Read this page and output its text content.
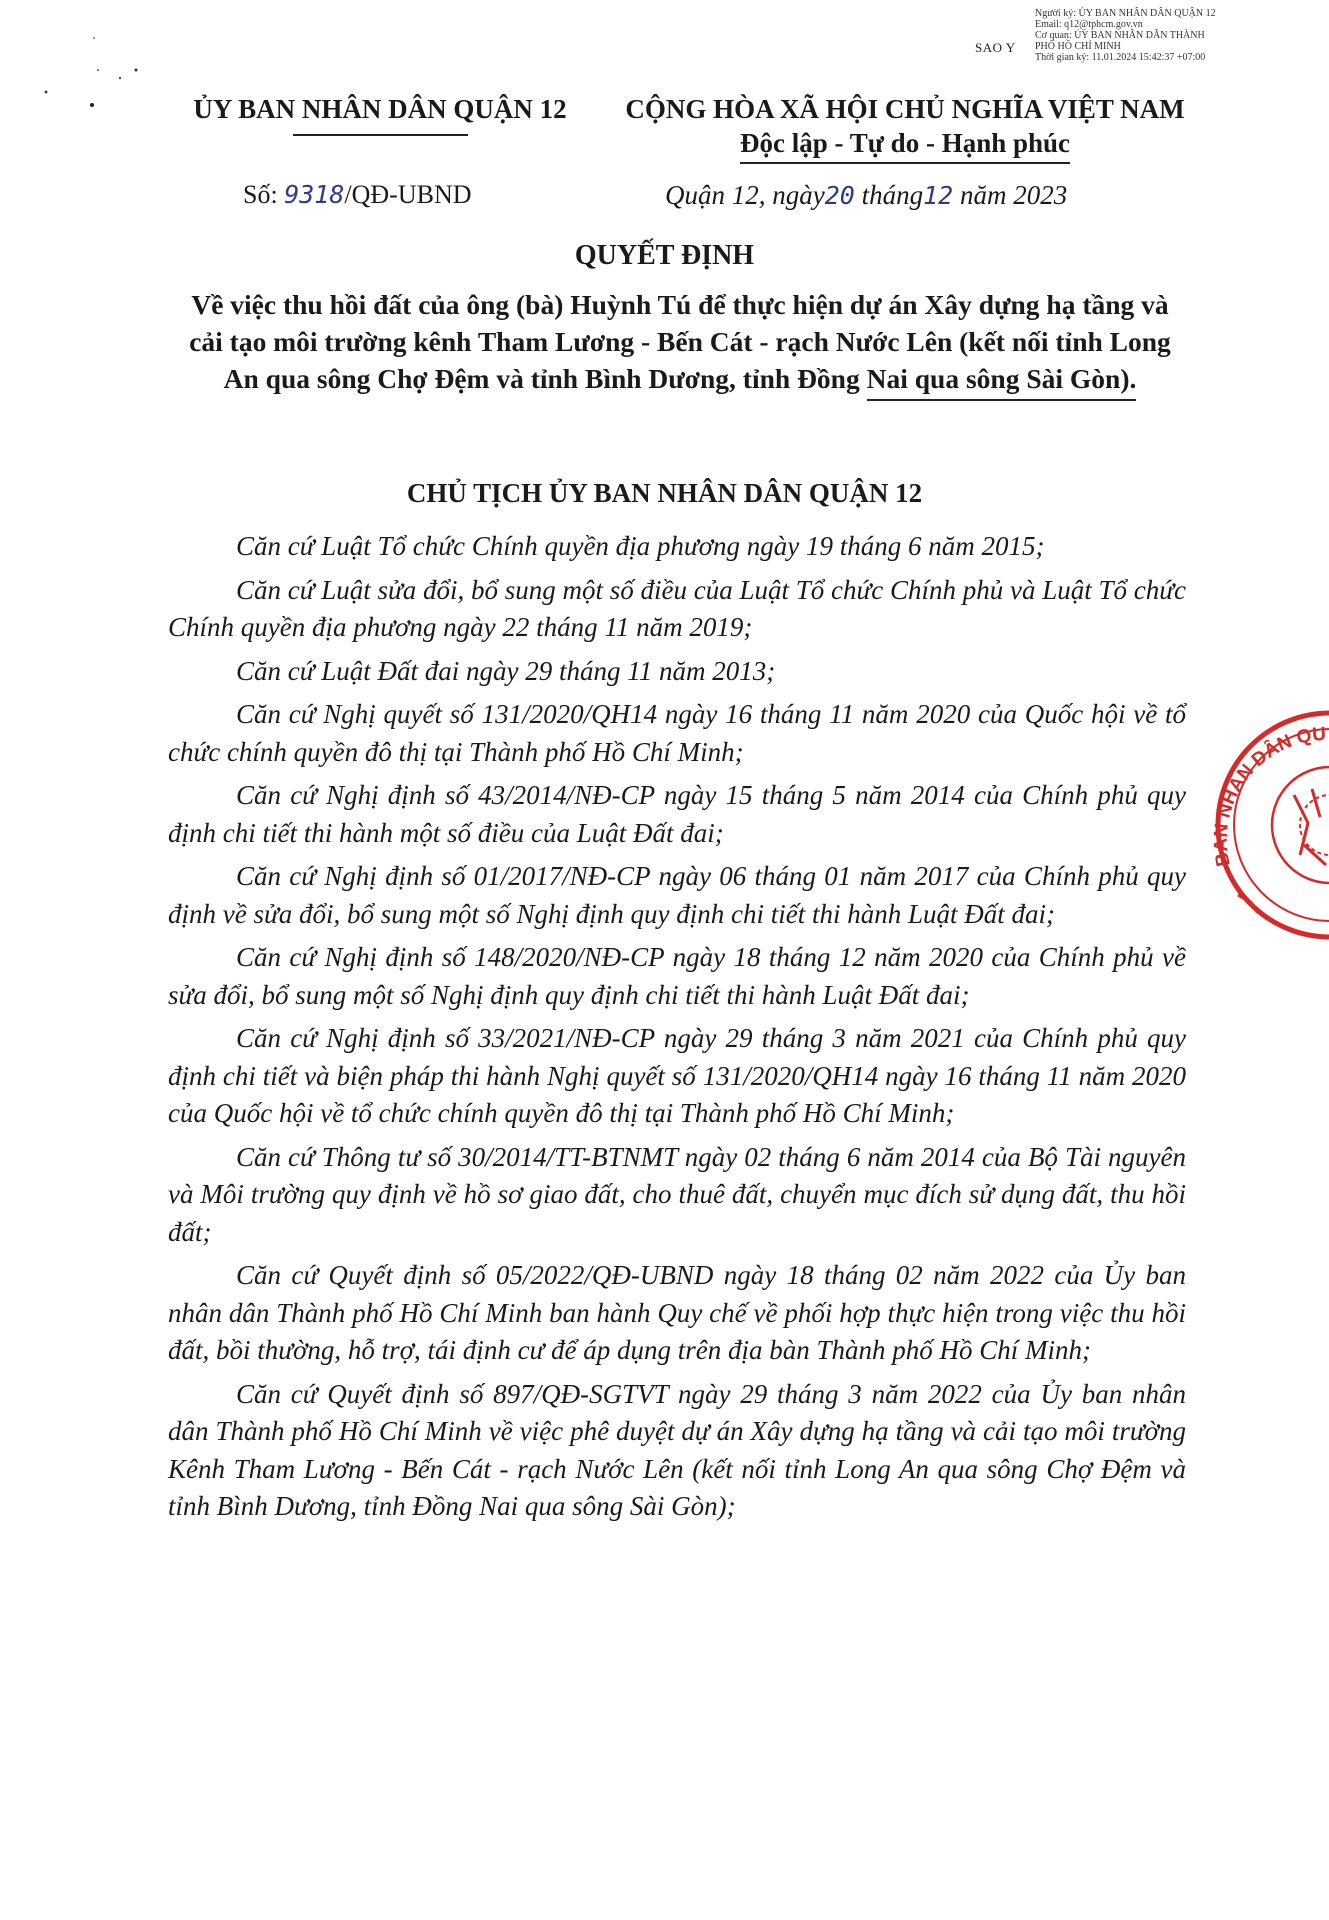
Người ký: ỦY BAN NHÂN DÂN QUẬN 12
Email: q12@tphcm.gov.vn
Cơ quan: ỦY BAN NHÂN DÂN THÀNH PHỐ HỒ CHÍ MINH
Thời gian ký: 11.01.2024 15:42:37 +07:00
SAO Y
ỦY BAN NHÂN DÂN QUẬN 12	CỘNG HÒA XÃ HỘI CHỦ NGHĨA VIỆT NAM
Độc lập - Tự do - Hạnh phúc
Số: 9318/QĐ-UBND	Quận 12, ngày20 tháng12 năm 2023
QUYẾT ĐỊNH
Về việc thu hồi đất của ông (bà) Huỳnh Tú để thực hiện dự án Xây dựng hạ tầng và cải tạo môi trường kênh Tham Lương - Bến Cát - rạch Nước Lên (kết nối tỉnh Long An qua sông Chợ Đệm và tỉnh Bình Dương, tỉnh Đồng Nai qua sông Sài Gòn).
CHỦ TỊCH ỦY BAN NHÂN DÂN QUẬN 12

Căn cứ Luật Tổ chức Chính quyền địa phương ngày 19 tháng 6 năm 2015;

Căn cứ Luật sửa đổi, bổ sung một số điều của Luật Tổ chức Chính phủ và Luật Tổ chức Chính quyền địa phương ngày 22 tháng 11 năm 2019;

Căn cứ Luật Đất đai ngày 29 tháng 11 năm 2013;

Căn cứ Nghị quyết số 131/2020/QH14 ngày 16 tháng 11 năm 2020 của Quốc hội về tổ chức chính quyền đô thị tại Thành phố Hồ Chí Minh;

Căn cứ Nghị định số 43/2014/NĐ-CP ngày 15 tháng 5 năm 2014 của Chính phủ quy định chi tiết thi hành một số điều của Luật Đất đai;

Căn cứ Nghị định số 01/2017/NĐ-CP ngày 06 tháng 01 năm 2017 của Chính phủ quy định về sửa đổi, bổ sung một số Nghị định quy định chi tiết thi hành Luật Đất đai;

Căn cứ Nghị định số 148/2020/NĐ-CP ngày 18 tháng 12 năm 2020 của Chính phủ về sửa đổi, bổ sung một số Nghị định quy định chi tiết thi hành Luật Đất đai;

Căn cứ Nghị định số 33/2021/NĐ-CP ngày 29 tháng 3 năm 2021 của Chính phủ quy định chi tiết và biện pháp thi hành Nghị quyết số 131/2020/QH14 ngày 16 tháng 11 năm 2020 của Quốc hội về tổ chức chính quyền đô thị tại Thành phố Hồ Chí Minh;

Căn cứ Thông tư số 30/2014/TT-BTNMT ngày 02 tháng 6 năm 2014 của Bộ Tài nguyên và Môi trường quy định về hồ sơ giao đất, cho thuê đất, chuyển mục đích sử dụng đất, thu hồi đất;

Căn cứ Quyết định số 05/2022/QĐ-UBND ngày 18 tháng 02 năm 2022 của Ủy ban nhân dân Thành phố Hồ Chí Minh ban hành Quy chế về phối hợp thực hiện trong việc thu hồi đất, bồi thường, hỗ trợ, tái định cư để áp dụng trên địa bàn Thành phố Hồ Chí Minh;

Căn cứ Quyết định số 897/QĐ-SGTVT ngày 29 tháng 3 năm 2022 của Ủy ban nhân dân Thành phố Hồ Chí Minh về việc phê duyệt dự án Xây dựng hạ tầng và cải tạo môi trường Kênh Tham Lương - Bến Cát - rạch Nước Lên (kết nối tỉnh Long An qua sông Chợ Đệm và tỉnh Bình Dương, tỉnh Đồng Nai qua sông Sài Gòn);

BAN NHÂN DÂN QU
